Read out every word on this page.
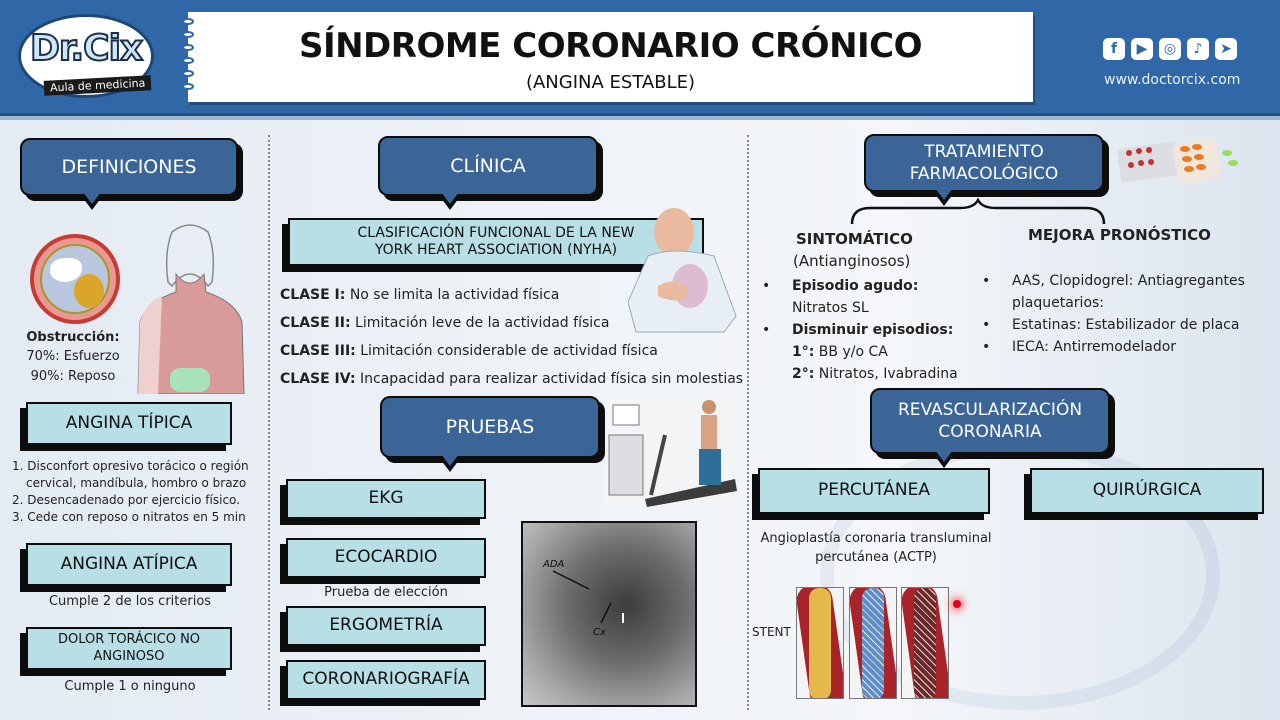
Dr.Cix
Aula de medicina
SÍNDROME CORONARIO CRÓNICO
(ANGINA ESTABLE)
f	▶	◎	♪	➤
www.doctorcix.com
DEFINICIONES
Obstrucción:
70%: Esfuerzo
90%: Reposo
ANGINA TÍPICA
1. Disconfort opresivo torácico o región
cervical, mandíbula, hombro o brazo
2. Desencadenado por ejercicio físico.
3. Cede con reposo o nitratos en 5 min
ANGINA ATÍPICA
Cumple 2 de los criterios
DOLOR TORÁCICO NO
ANGINOSO
Cumple 1 o ninguno
CLÍNICA
CLASIFICACIÓN FUNCIONAL DE LA NEW
YORK HEART ASSOCIATION (NYHA)
CLASE I: No se limita la actividad física
CLASE II: Limitación leve de la actividad física
CLASE III: Limitación considerable de actividad física
CLASE IV: Incapacidad para realizar actividad física sin molestias
PRUEBAS
EKG
ECOCARDIO
Prueba de elección
ERGOMETRÍA
CORONARIOGRAFÍA
ADA
Cx
TRATAMIENTO
FARMACOLÓGICO
SINTOMÁTICO
(Antianginosos)
• Episodio agudo:
Nitratos SL
• Disminuir episodios:
1°: BB y/o CA
2°: Nitratos, Ivabradina
MEJORA PRONÓSTICO
• AAS, Clopidogrel: Antiagregantes plaquetarios:
• Estatinas: Estabilizador de placa
• IECA: Antirremodelador
REVASCULARIZACIÓN
CORONARIA
PERCUTÁNEA	QUIRÚRGICA
Angioplastía coronaria transluminal
percutánea (ACTP)
STENT
